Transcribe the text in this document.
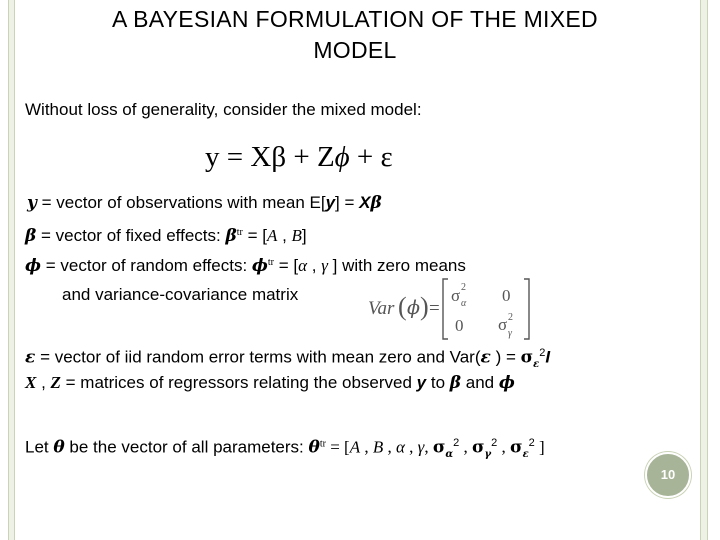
A BAYESIAN FORMULATION OF THE MIXED
MODEL
Without loss of generality, consider the mixed model:
y = Xβ + Zϕ + ε
y = vector of observations with mean E[y] = Xβ
β = vector of fixed effects: $\beta^{tr} = [A$ , B]
ϕ = vector of random effects: $\phi^{tr} = [\alpha$ , γ ] with zero means
and variance-covariance matrix
Var ( ϕ ) =
σ 2
α 0
0 σ 2
γ
ε = vector of iid random error terms with mean zero and Var(ε ) = $\sigma_\varepsilon^2I$
X , Z = matrices of regressors relating the observed y to β and ϕ
Let θ be the vector of all parameters: $\theta^{tr} = [A$ , B , α , γ, $\sigma_\alpha^2$ , $\sigma_\gamma^2$ , $\sigma_\varepsilon^2$ ]
10
